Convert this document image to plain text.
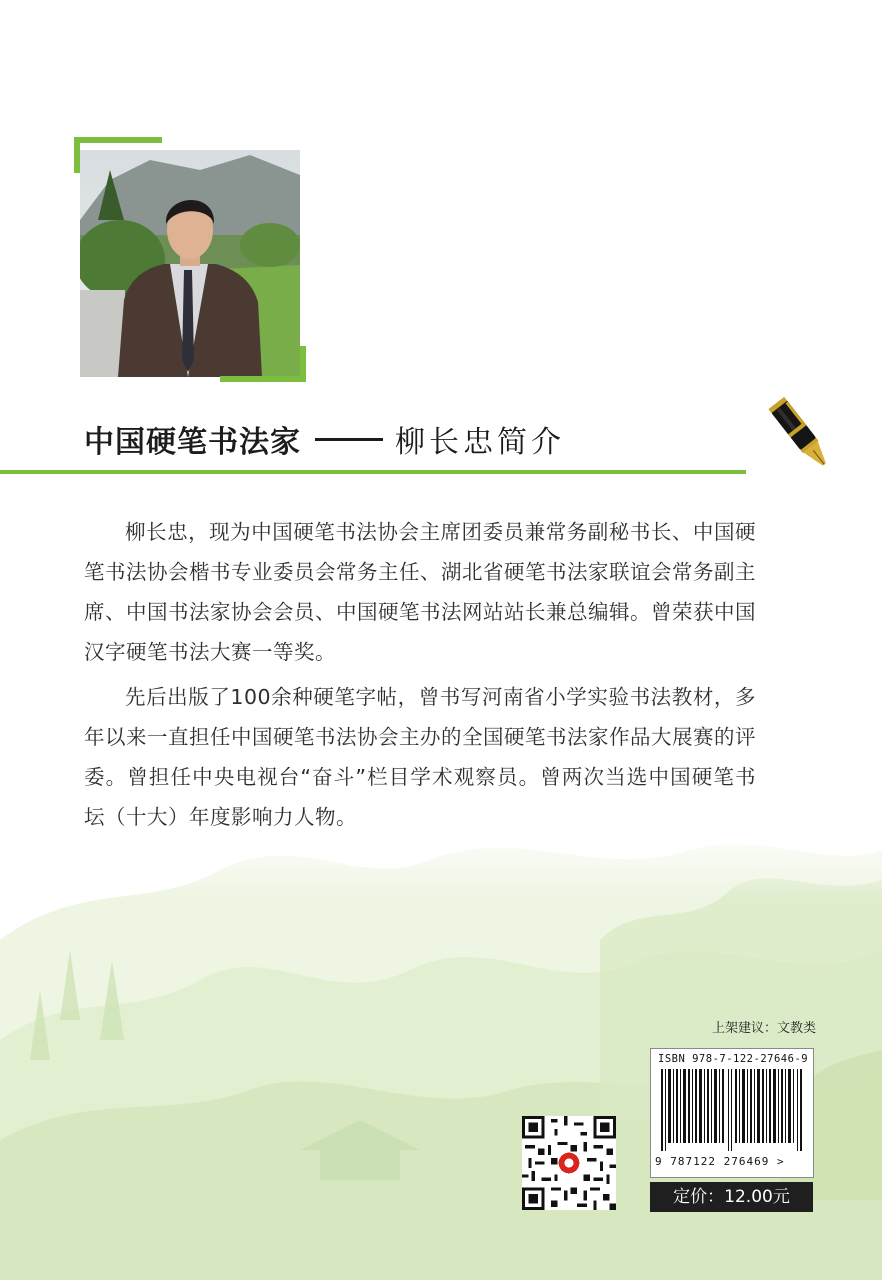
中国硬笔书法家	柳长忠简介

柳长忠，现为中国硬笔书法协会主席团委员兼常务副秘书长、中国硬笔书法协会楷书专业委员会常务主任、湖北省硬笔书法家联谊会常务副主席、中国书法家协会会员、中国硬笔书法网站站长兼总编辑。曾荣获中国汉字硬笔书法大赛一等奖。

先后出版了100余种硬笔字帖，曾书写河南省小学实验书法教材，多年以来一直担任中国硬笔书法协会主办的全国硬笔书法家作品大展赛的评委。曾担任中央电视台“奋斗”栏目学术观察员。曾两次当选中国硬笔书坛（十大）年度影响力人物。

上架建议：文教类
ISBN 978-7-122-27646-9
9 787122 276469 >
定价：12.00元
